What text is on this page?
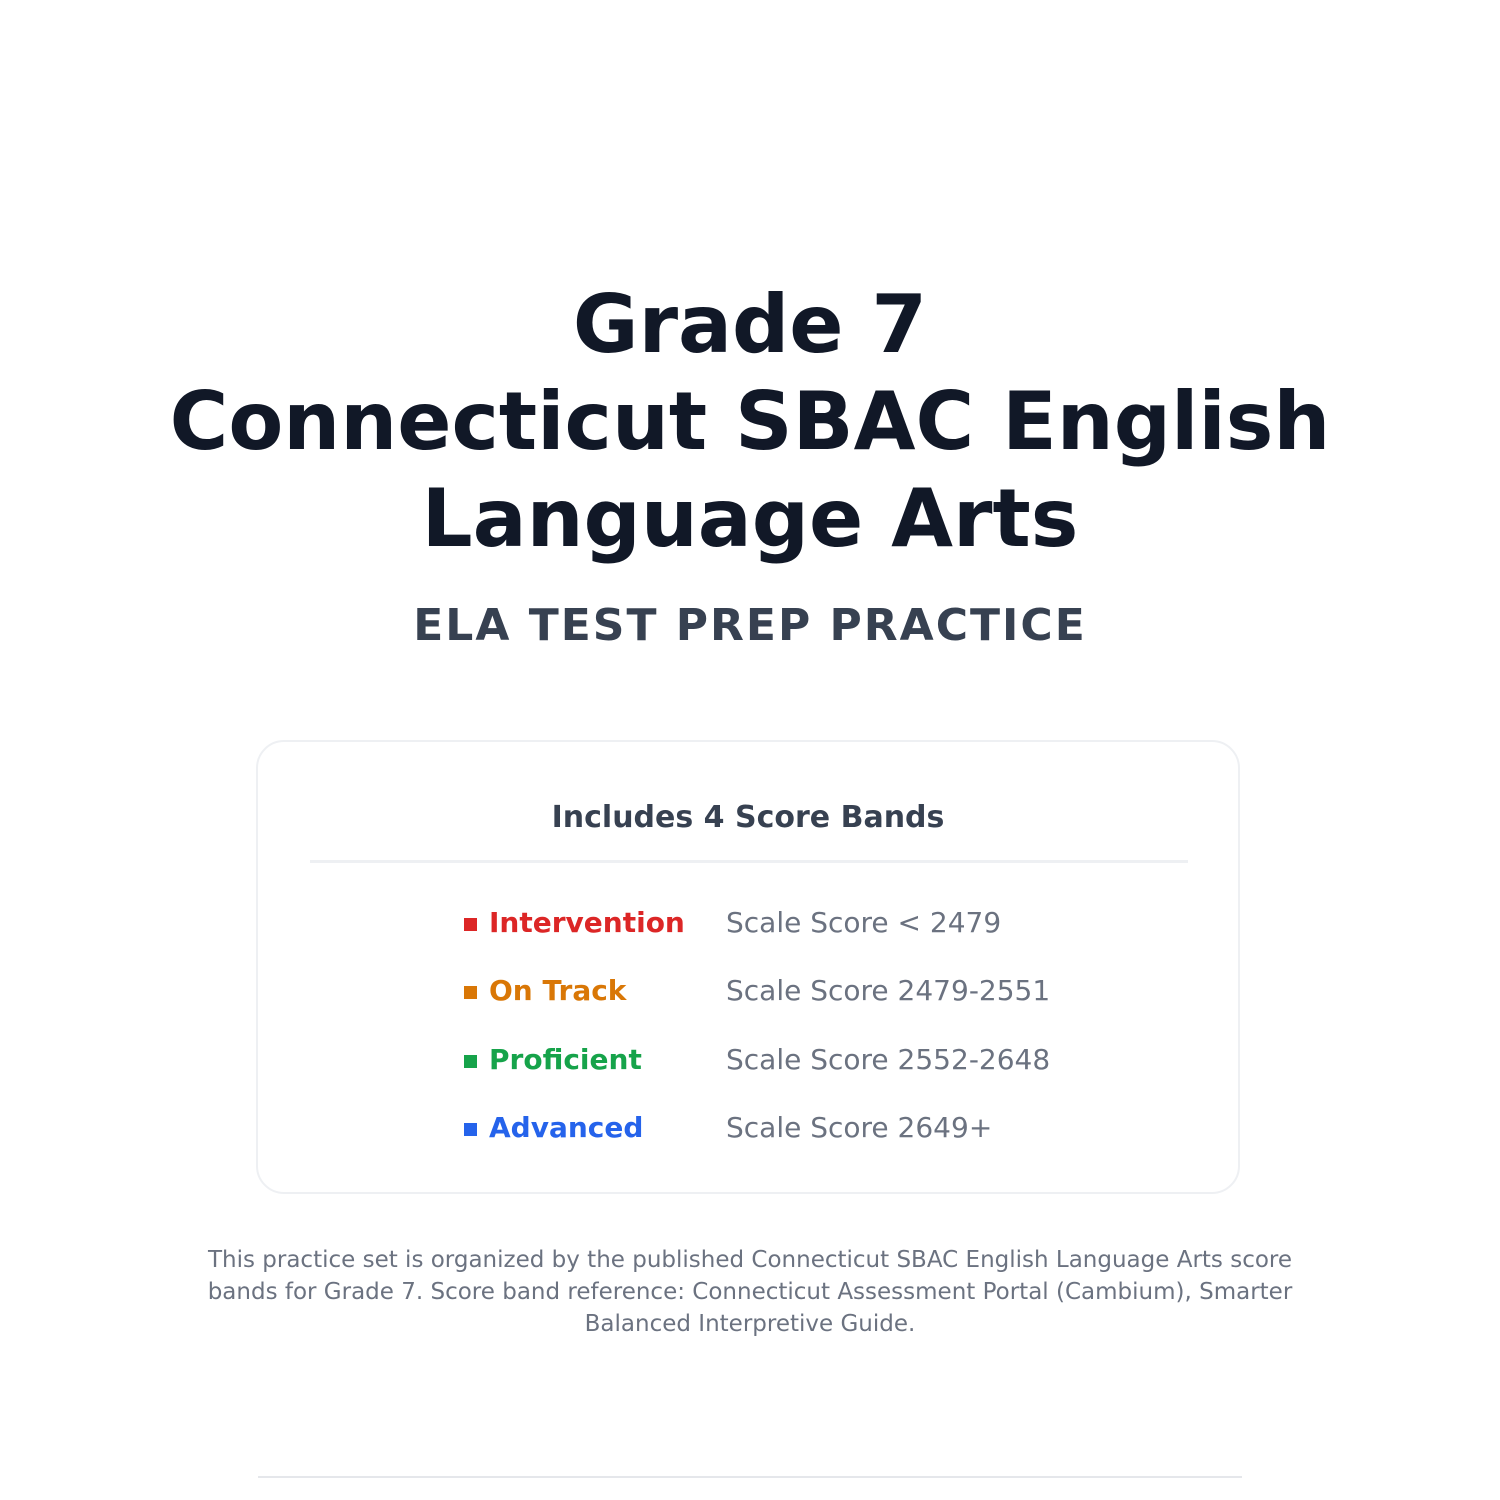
Grade 7
Connecticut SBAC English
Language Arts
ELA TEST PREP PRACTICE
Includes 4 Score Bands
Intervention Scale Score < 2479
On Track	Scale Score 2479-2551
Proficient	Scale Score 2552-2648
Advanced	Scale Score 2649+

This practice set is organized by the published Connecticut SBAC English Language Arts score bands for Grade 7. Score band reference: Connecticut Assessment Portal (Cambium), Smarter Balanced Interpretive Guide.
